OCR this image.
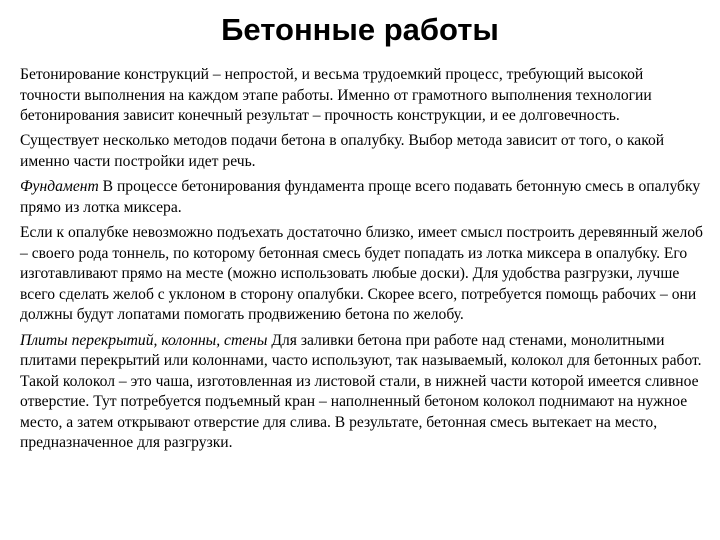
Бетонные работы

Бетонирование конструкций – непростой, и весьма трудоемкий процесс, требующий высокой точности выполнения на каждом этапе работы. Именно от грамотного выполнения технологии бетонирования зависит конечный результат – прочность конструкции, и ее долговечность.

Существует несколько методов подачи бетона в опалубку. Выбор метода зависит от того, о какой именно части постройки идет речь.

Фундамент В процессе бетонирования фундамента проще всего подавать бетонную смесь в опалубку прямо из лотка миксера.

Если к опалубке невозможно подъехать достаточно близко, имеет смысл построить деревянный желоб – своего рода тоннель, по которому бетонная смесь будет попадать из лотка миксера в опалубку. Его изготавливают прямо на месте (можно использовать любые доски). Для удобства разгрузки, лучше всего сделать желоб с уклоном в сторону опалубки. Скорее всего, потребуется помощь рабочих – они должны будут лопатами помогать продвижению бетона по желобу.

Плиты перекрытий, колонны, стены Для заливки бетона при работе над стенами, монолитными плитами перекрытий или колоннами, часто используют, так называемый, колокол для бетонных работ. Такой колокол – это чаша, изготовленная из листовой стали, в нижней части которой имеется сливное отверстие. Тут потребуется подъемный кран – наполненный бетоном колокол поднимают на нужное место, а затем открывают отверстие для слива. В результате, бетонная смесь вытекает на место, предназначенное для разгрузки.
